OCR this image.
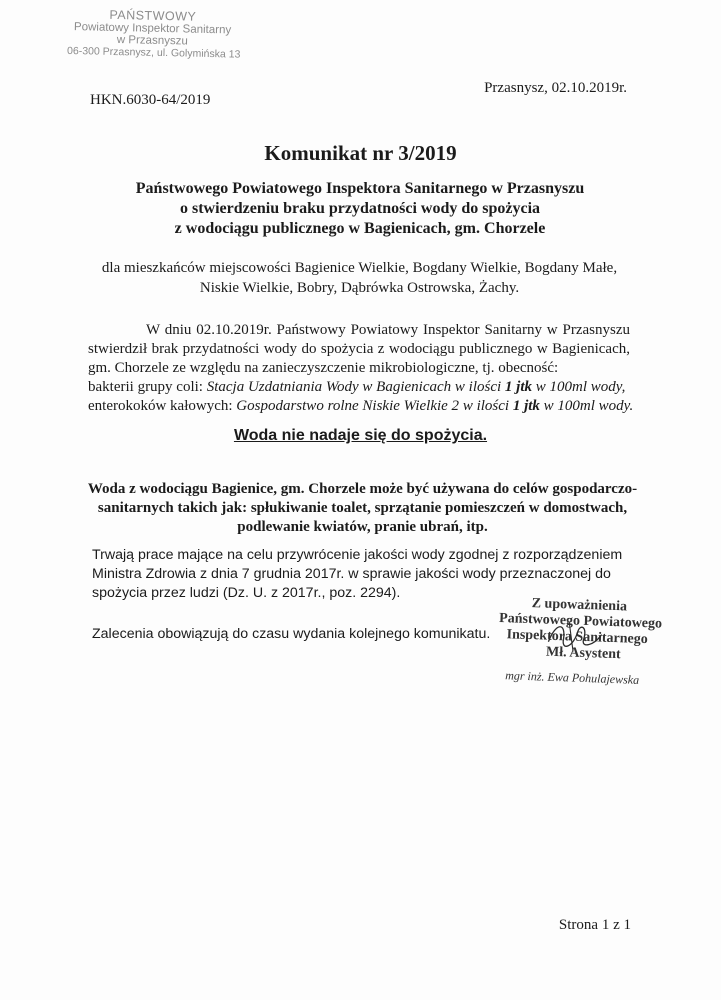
PAŃSTWOWY
Powiatowy Inspektor Sanitarny
w Przasnyszu
06-300 Przasnysz, ul. Golymińska 13
Przasnysz, 02.10.2019r.
HKN.6030-64/2019
Komunikat nr 3/2019
Państwowego Powiatowego Inspektora Sanitarnego w Przasnyszu
o stwierdzeniu braku przydatności wody do spożycia
z wodociągu publicznego w Bagienicach, gm. Chorzele
dla mieszkańców miejscowości Bagienice Wielkie, Bogdany Wielkie, Bogdany Małe, Niskie Wielkie, Bobry, Dąbrówka Ostrowska, Żachy.
W dniu 02.10.2019r. Państwowy Powiatowy Inspektor Sanitarny w Przasnyszu stwierdził brak przydatności wody do spożycia z wodociągu publicznego w Bagienicach, gm. Chorzele ze względu na zanieczyszczenie mikrobiologiczne, tj. obecność:
bakterii grupy coli: Stacja Uzdatniania Wody w Bagienicach w ilości 1 jtk w 100ml wody,
enterokoków kałowych: Gospodarstwo rolne Niskie Wielkie 2 w ilości 1 jtk w 100ml wody.
Woda nie nadaje się do spożycia.
Woda z wodociągu Bagienice, gm. Chorzele może być używana do celów gospodarczo-sanitarnych takich jak: spłukiwanie toalet, sprzątanie pomieszczeń w domostwach, podlewanie kwiatów, pranie ubrań, itp.
Trwają prace mające na celu przywrócenie jakości wody zgodnej z rozporządzeniem Ministra Zdrowia z dnia 7 grudnia 2017r. w sprawie jakości wody przeznaczonej do spożycia przez ludzi (Dz. U. z 2017r., poz. 2294).
Zalecenia obowiązują do czasu wydania kolejnego komunikatu.
Z upoważnienia
Państwowego Powiatowego
Inspektora Sanitarnego
Mł. Asystent
mgr inż. Ewa Pohulajewska
Strona 1 z 1
